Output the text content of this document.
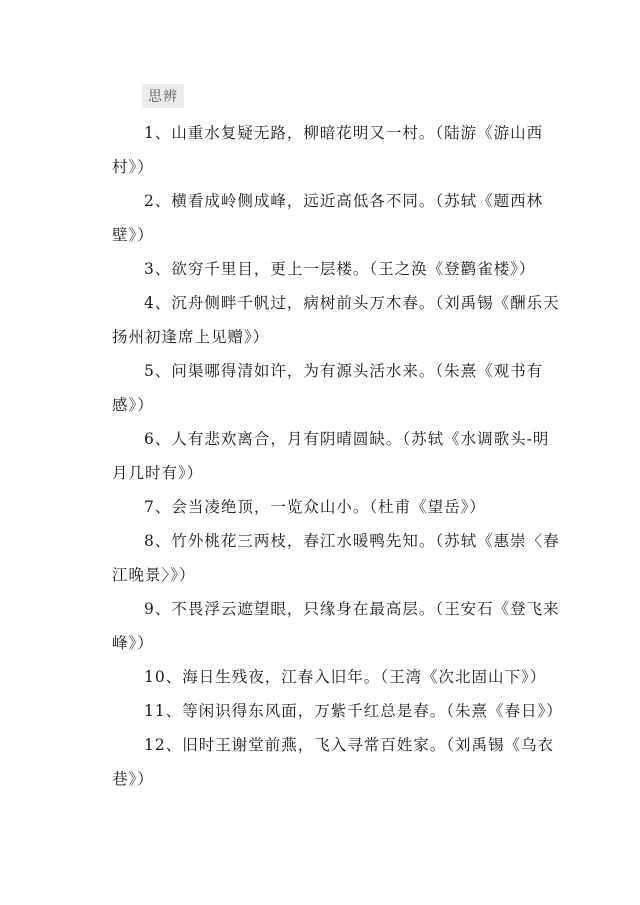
思辨
1、山重水复疑无路，柳暗花明又一村。（陆游《游山西村》）
2、横看成岭侧成峰，远近高低各不同。（苏轼《题西林壁》）
3、欲穷千里目，更上一层楼。（王之涣《登鹳雀楼》）
4、沉舟侧畔千帆过，病树前头万木春。（刘禹锡《酬乐天扬州初逢席上见赠》）
5、问渠哪得清如许，为有源头活水来。（朱熹《观书有感》）
6、人有悲欢离合，月有阴晴圆缺。（苏轼《水调歌头-明月几时有》）
7、会当凌绝顶，一览众山小。（杜甫《望岳》）
8、竹外桃花三两枝，春江水暖鸭先知。（苏轼《惠崇〈春江晚景〉》）
9、不畏浮云遮望眼，只缘身在最高层。（王安石《登飞来峰》）
10、海日生残夜，江春入旧年。（王湾《次北固山下》）
11、等闲识得东风面，万紫千红总是春。（朱熹《春日》）
12、旧时王谢堂前燕，飞入寻常百姓家。（刘禹锡《乌衣巷》）
